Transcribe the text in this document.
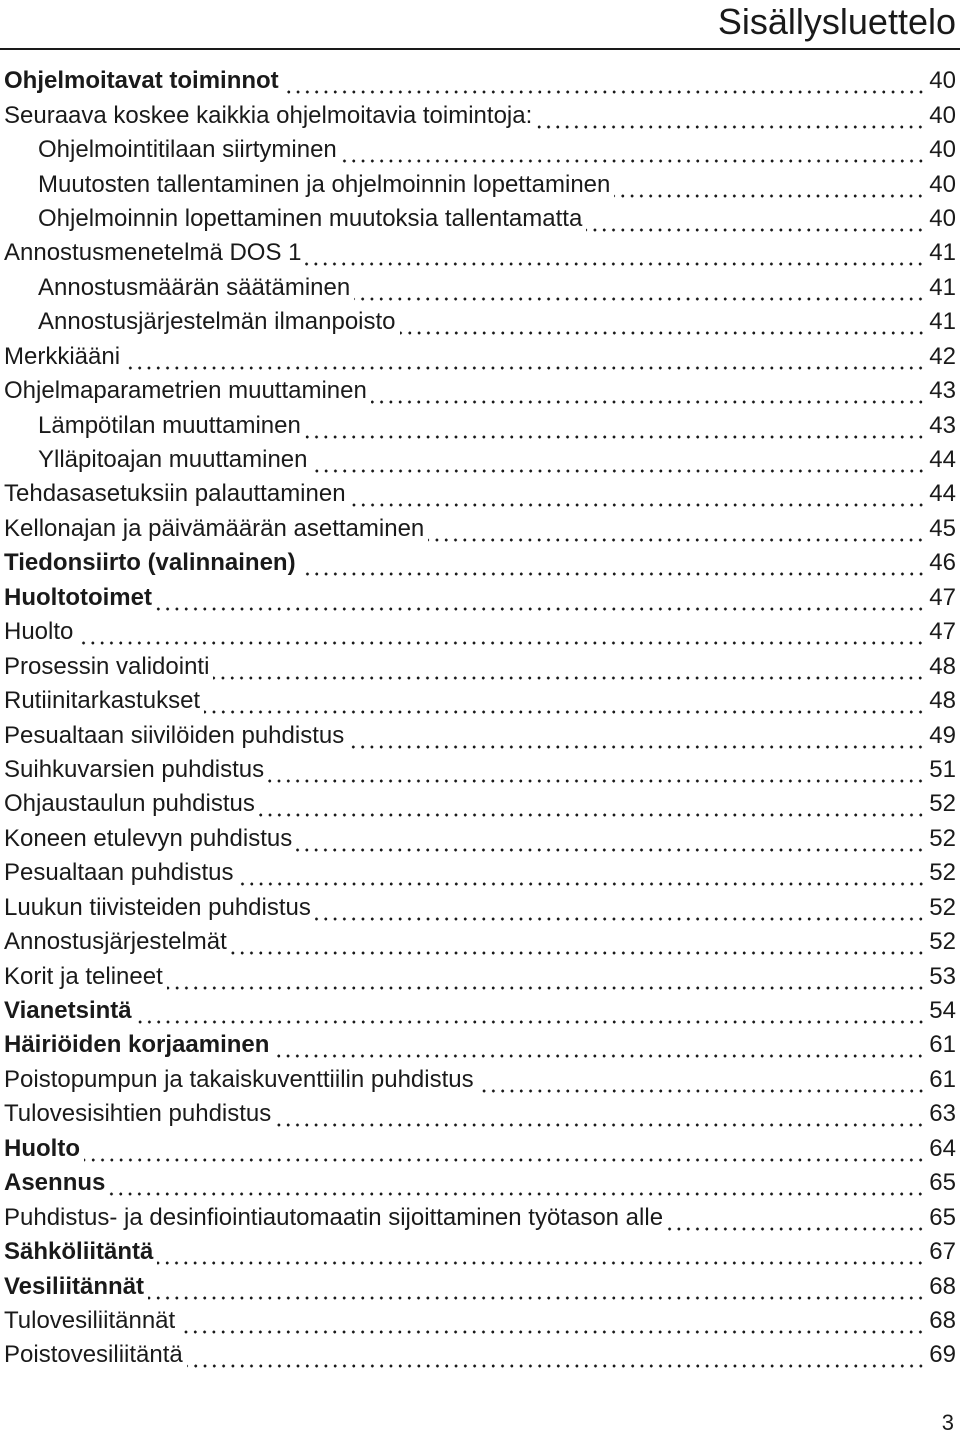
Sisällysluettelo
Ohjelmoitavat toiminnot	40
Seuraava koskee kaikkia ohjelmoitavia toimintoja:	40
Ohjelmointitilaan siirtyminen	40
Muutosten tallentaminen ja ohjelmoinnin lopettaminen	40
Ohjelmoinnin lopettaminen muutoksia tallentamatta	40
Annostusmenetelmä DOS 1	41
Annostusmäärän säätäminen	41
Annostusjärjestelmän ilmanpoisto	41
Merkkiääni	42
Ohjelmaparametrien muuttaminen	43
Lämpötilan muuttaminen	43
Ylläpitoajan muuttaminen	44
Tehdasasetuksiin palauttaminen	44
Kellonajan ja päivämäärän asettaminen	45
Tiedonsiirto (valinnainen)	46
Huoltotoimet	47
Huolto	47
Prosessin validointi	48
Rutiinitarkastukset	48
Pesualtaan siivilöiden puhdistus	49
Suihkuvarsien puhdistus	51
Ohjaustaulun puhdistus	52
Koneen etulevyn puhdistus	52
Pesualtaan puhdistus	52
Luukun tiivisteiden puhdistus	52
Annostusjärjestelmät	52
Korit ja telineet	53
Vianetsintä	54
Häiriöiden korjaaminen	61
Poistopumpun ja takaiskuventtiilin puhdistus	61
Tulovesisihtien puhdistus	63
Huolto	64
Asennus	65
Puhdistus- ja desinfiointiautomaatin sijoittaminen työtason alle	65
Sähköliitäntä	67
Vesiliitännät	68
Tulovesiliitännät	68
Poistovesiliitäntä	69
3
